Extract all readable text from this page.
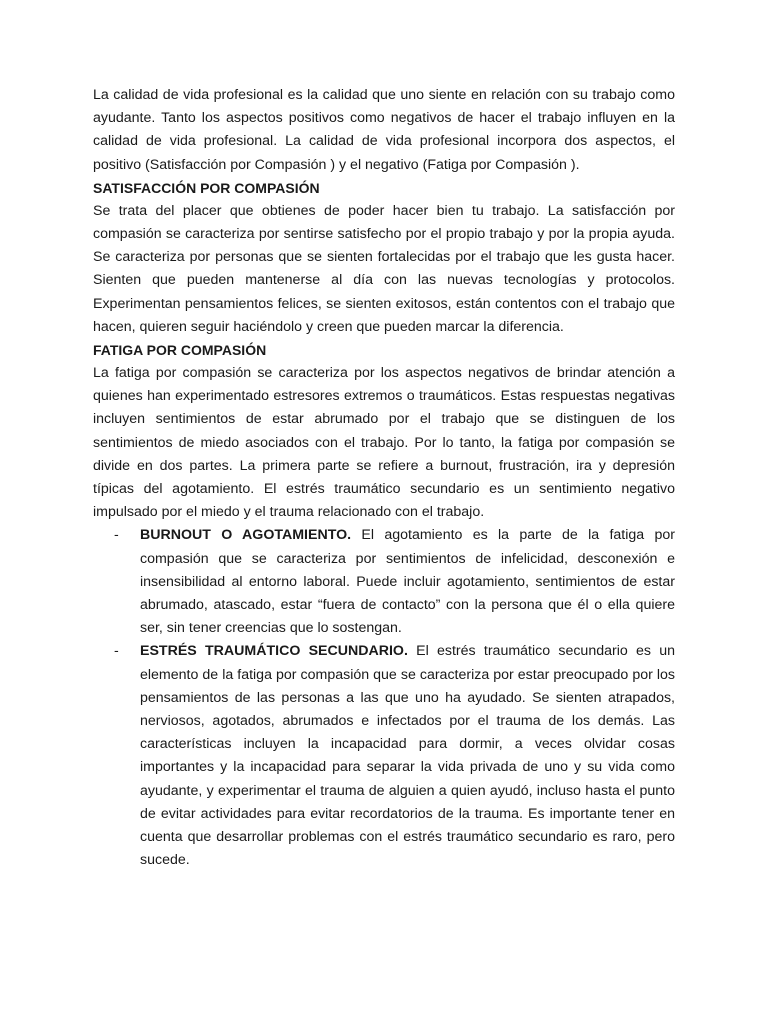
La calidad de vida profesional es la calidad que uno siente en relación con su trabajo como ayudante. Tanto los aspectos positivos como negativos de hacer el trabajo influyen en la calidad de vida profesional. La calidad de vida profesional incorpora dos aspectos, el positivo (Satisfacción por Compasión ) y el negativo (Fatiga por Compasión ).

SATISFACCIÓN POR COMPASIÓN

Se trata del placer que obtienes de poder hacer bien tu trabajo. La satisfacción por compasión se caracteriza por sentirse satisfecho por el propio trabajo y por la propia ayuda. Se caracteriza por personas que se sienten fortalecidas por el trabajo que les gusta hacer. Sienten que pueden mantenerse al día con las nuevas tecnologías y protocolos. Experimentan pensamientos felices, se sienten exitosos, están contentos con el trabajo que hacen, quieren seguir haciéndolo y creen que pueden marcar la diferencia.

FATIGA POR COMPASIÓN

La fatiga por compasión se caracteriza por los aspectos negativos de brindar atención a quienes han experimentado estresores extremos o traumáticos. Estas respuestas negativas incluyen sentimientos de estar abrumado por el trabajo que se distinguen de los sentimientos de miedo asociados con el trabajo. Por lo tanto, la fatiga por compasión se divide en dos partes. La primera parte se refiere a burnout, frustración, ira y depresión típicas del agotamiento. El estrés traumático secundario es un sentimiento negativo impulsado por el miedo y el trauma relacionado con el trabajo.

- BURNOUT O AGOTAMIENTO. El agotamiento es la parte de la fatiga por compasión que se caracteriza por sentimientos de infelicidad, desconexión e insensibilidad al entorno laboral. Puede incluir agotamiento, sentimientos de estar abrumado, atascado, estar “fuera de contacto” con la persona que él o ella quiere ser, sin tener creencias que lo sostengan.

- ESTRÉS TRAUMÁTICO SECUNDARIO. El estrés traumático secundario es un elemento de la fatiga por compasión que se caracteriza por estar preocupado por los pensamientos de las personas a las que uno ha ayudado. Se sienten atrapados, nerviosos, agotados, abrumados e infectados por el trauma de los demás. Las características incluyen la incapacidad para dormir, a veces olvidar cosas importantes y la incapacidad para separar la vida privada de uno y su vida como ayudante, y experimentar el trauma de alguien a quien ayudó, incluso hasta el punto de evitar actividades para evitar recordatorios de la trauma. Es importante tener en cuenta que desarrollar problemas con el estrés traumático secundario es raro, pero sucede.
